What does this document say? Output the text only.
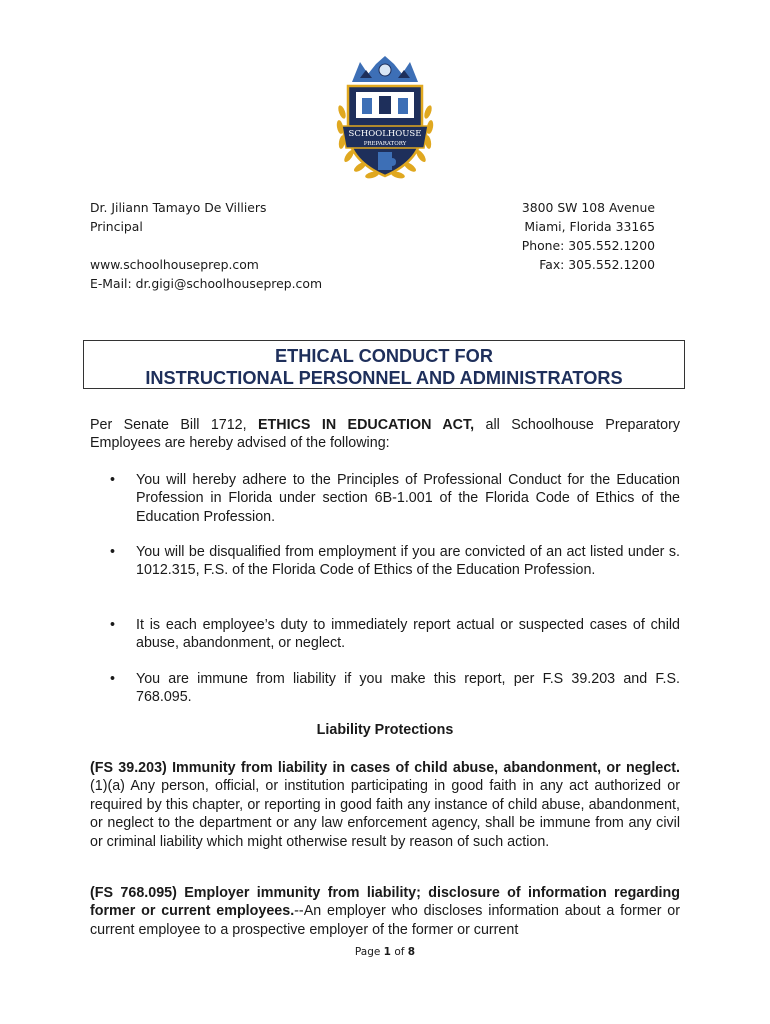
SCHOOLHOUSE
PREPARATORY
Dr. Jiliann Tamayo De Villiers
Principal
www.schoolhouseprep.com
E-Mail: dr.gigi@schoolhouseprep.com
3800 SW 108 Avenue
Miami, Florida 33165
Phone: 305.552.1200
Fax: 305.552.1200
ETHICAL CONDUCT FOR
INSTRUCTIONAL PERSONNEL AND ADMINISTRATORS
Per Senate Bill 1712, ETHICS IN EDUCATION ACT, all Schoolhouse Preparatory Employees are hereby advised of the following:
• You will hereby adhere to the Principles of Professional Conduct for the Education Profession in Florida under section 6B-1.001 of the Florida Code of Ethics of the Education Profession.
• You will be disqualified from employment if you are convicted of an act listed under s. 1012.315, F.S. of the Florida Code of Ethics of the Education Profession.
• It is each employee’s duty to immediately report actual or suspected cases of child abuse, abandonment, or neglect.
• You are immune from liability if you make this report, per F.S 39.203 and F.S. 768.095.
Liability Protections
(FS 39.203) Immunity from liability in cases of child abuse, abandonment, or neglect. (1)(a) Any person, official, or institution participating in good faith in any act authorized or required by this chapter, or reporting in good faith any instance of child abuse, abandonment, or neglect to the department or any law enforcement agency, shall be immune from any civil or criminal liability which might otherwise result by reason of such action.
(FS 768.095) Employer immunity from liability; disclosure of information regarding former or current employees.--An employer who discloses information about a former or current employee to a prospective employer of the former or current
Page 1 of 8
